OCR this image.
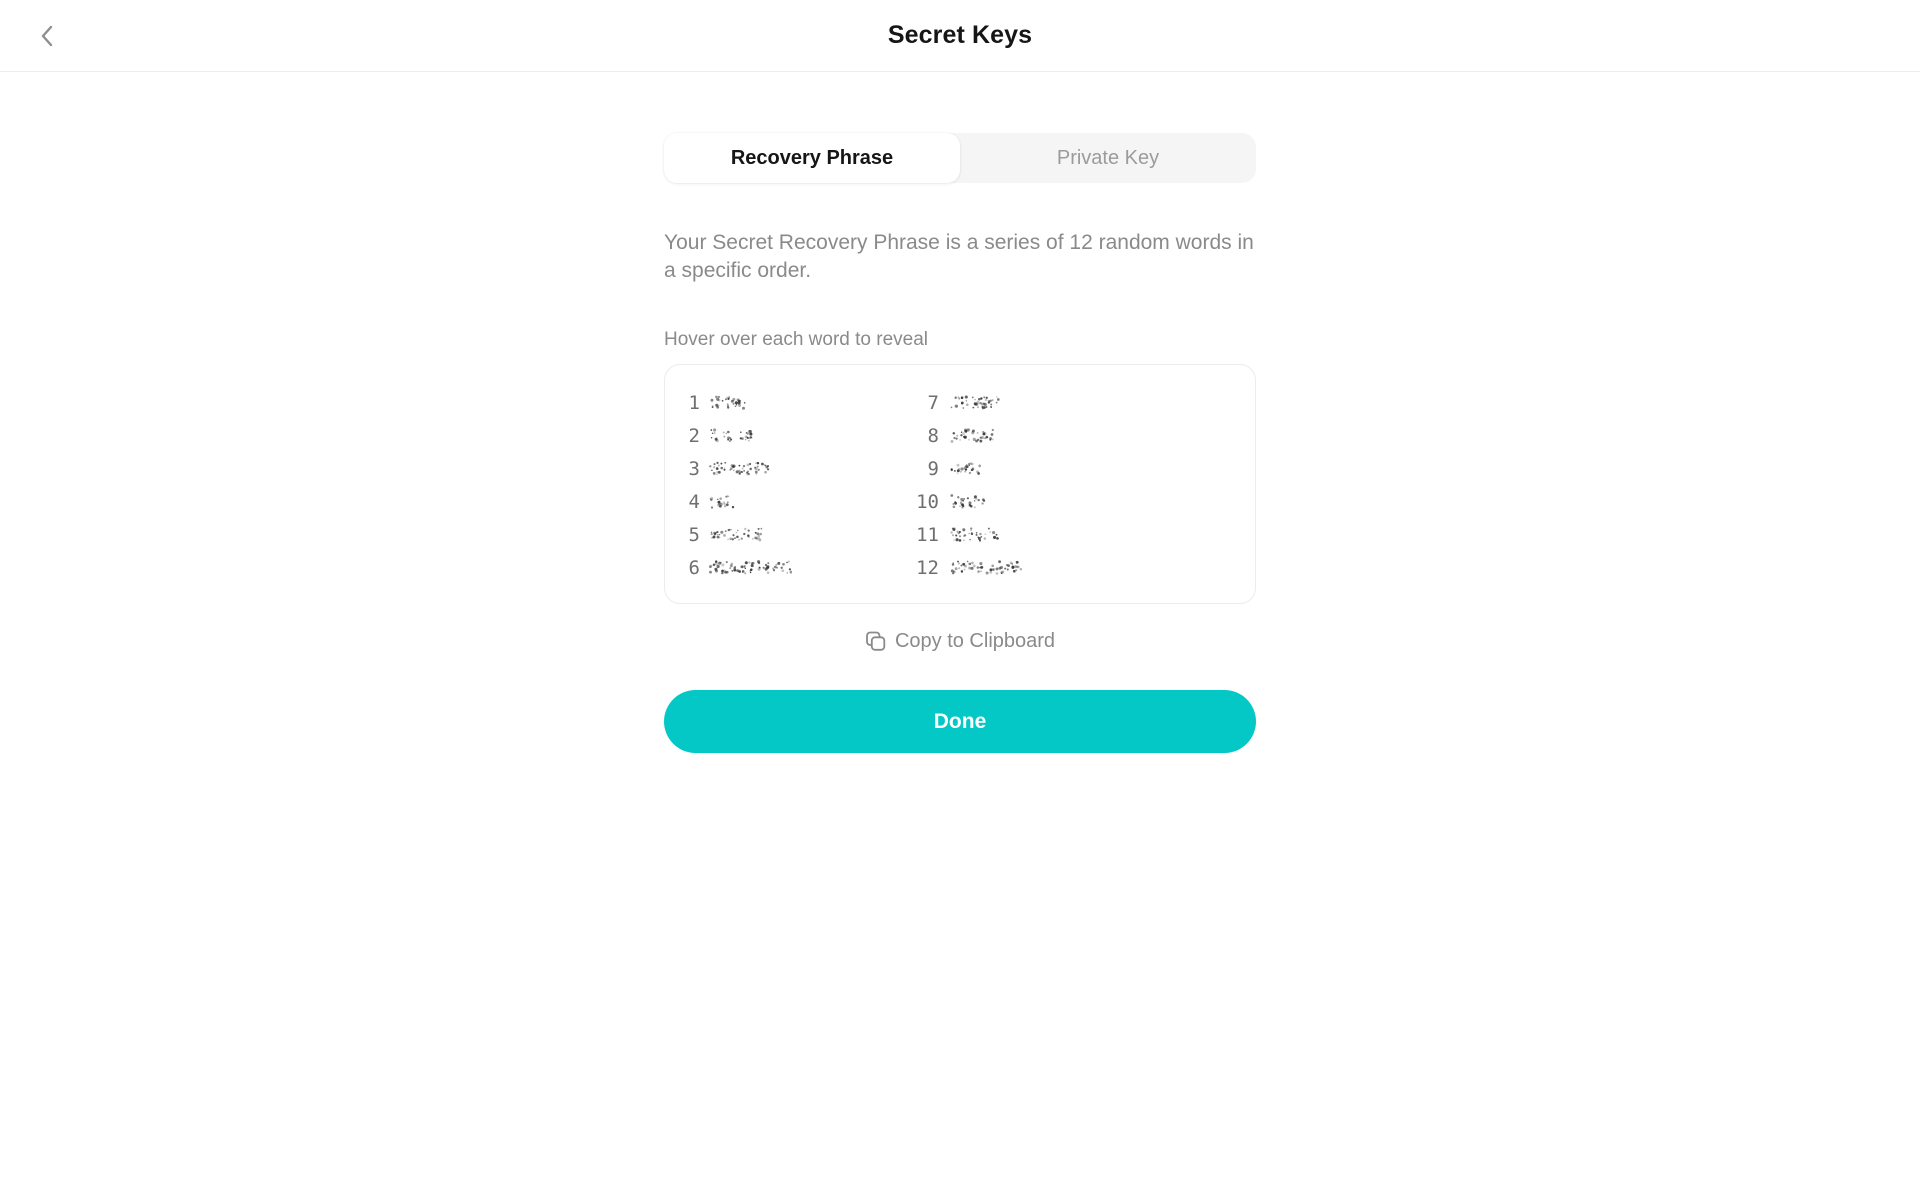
Secret Keys
Recovery Phrase	Private Key

Your Secret Recovery Phrase is a series of 12 random words in a specific order.

Hover over each word to reveal

1
2
3
4
5
6
7
8
9
10
11
12
Copy to Clipboard
Done
